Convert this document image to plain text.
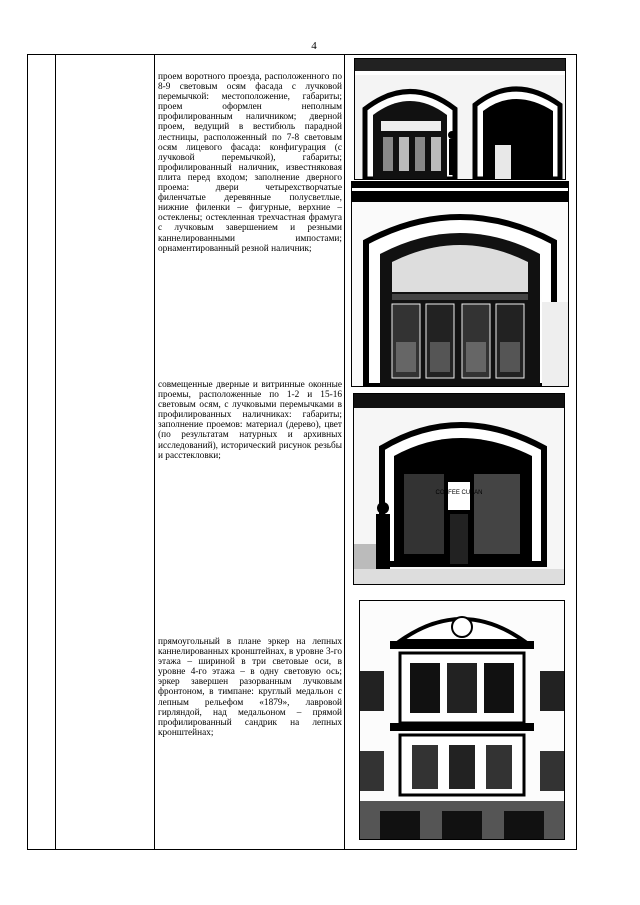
4

проем воротного проезда, расположенного по 8-9 световым осям фасада с лучковой перемычкой: местоположение, габариты; проем оформлен неполным профилированным наличником; дверной проем, ведущий в вестибюль парадной лестницы, расположенный по 7-8 световым осям лицевого фасада: конфигурация (с лучковой перемычкой), габариты; профилированный наличник, известняковая плита перед входом; заполнение дверного проема: двери четырехстворчатые филенчатые деревянные полусветлые, нижние филенки – фигурные, верхние – остеклены; остекленная трехчастная фрамуга с лучковым завершением и резными каннелированными импостами; орнаментированный резной наличник;
совмещенные дверные и витринные оконные проемы, расположенные по 1-2 и 15-16 световым осям, с лучковыми перемычками в профилированных наличниках: габариты; заполнение проемов: материал (дерево), цвет (по результатам натурных и архивных исследований), исторический рисунок резьбы и расстекловки;
прямоугольный в плане эркер на лепных каннелированных кронштейнах, в уровне 3-го этажа – шириной в три световые оси, в уровне 4-го этажа – в одну световую ось; эркер завершен разорванным лучковым фронтоном, в тимпане: круглый медальон с лепным рельефом «1879», лавровой гирляндой, над медальоном – прямой профилированный сандрик на лепных кронштейнах;

COFFEE CUBAN
